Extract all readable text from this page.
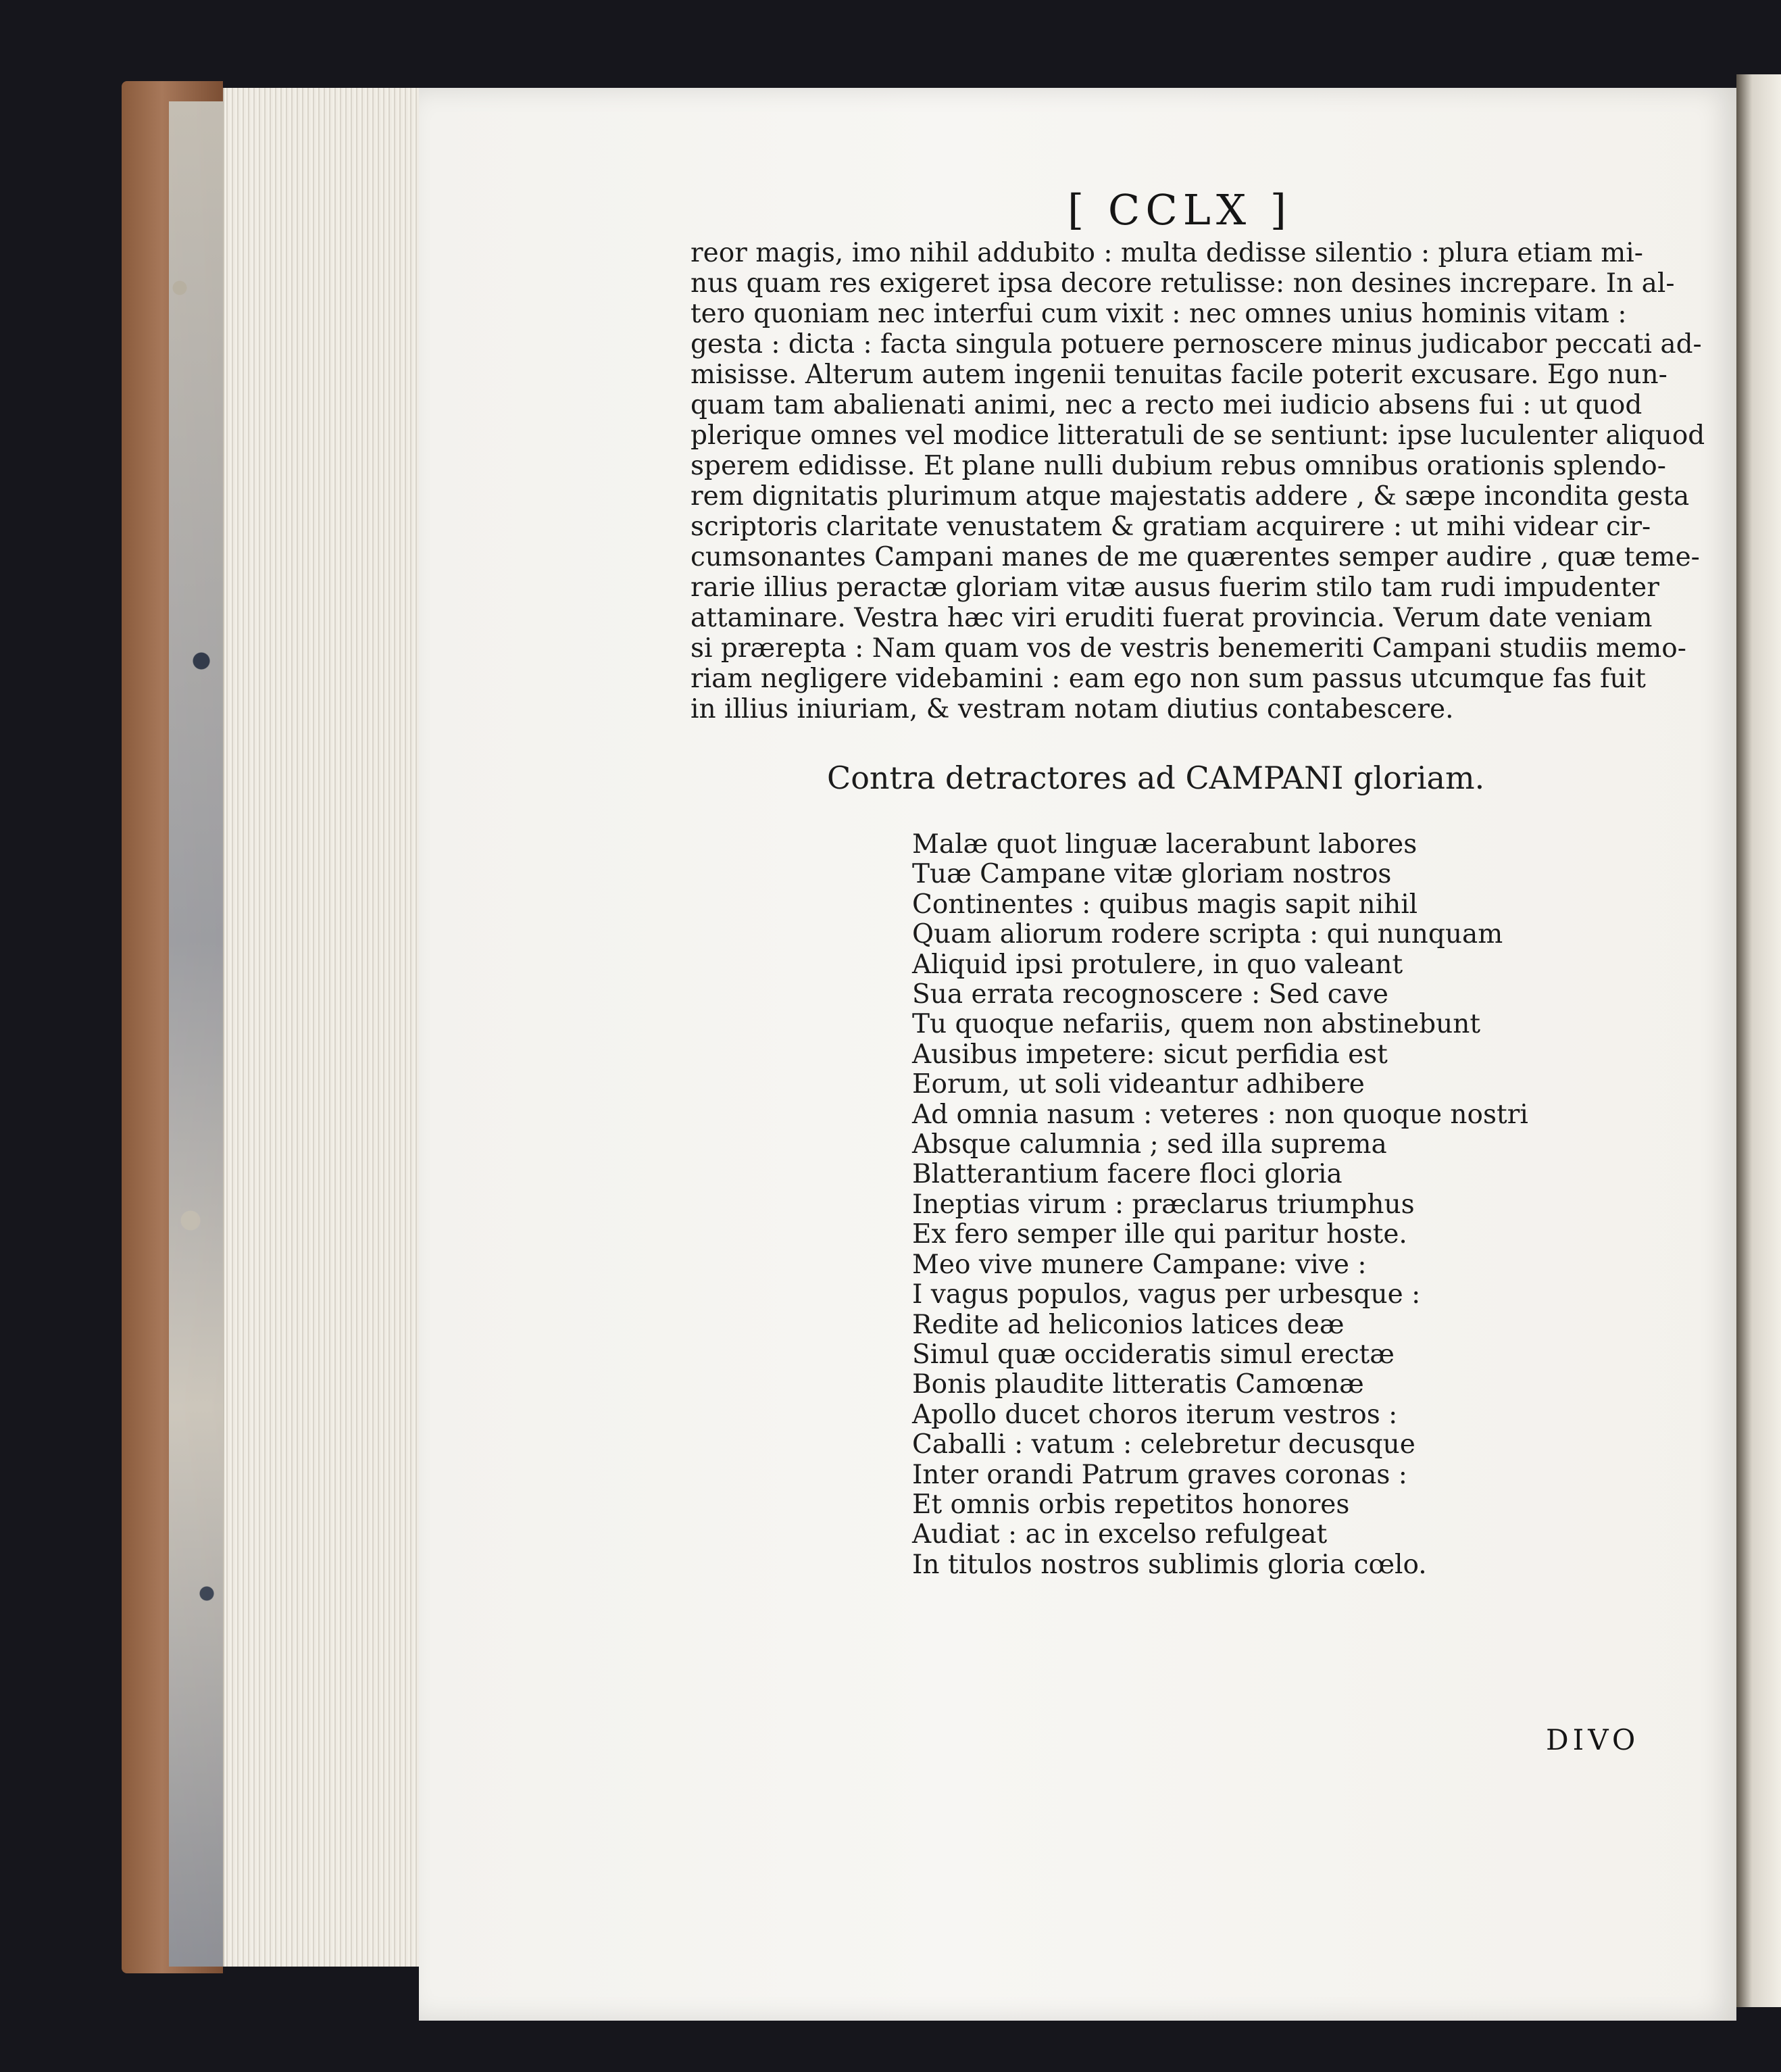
[ CCLX ]
reor magis, imo nihil addubito : multa dedisse silentio : plura etiam mi-
nus quam res exigeret ipsa decore retulisse: non desines increpare. In al-
tero quoniam nec interfui cum vixit : nec omnes unius hominis vitam :
gesta : dicta : facta singula potuere pernoscere minus judicabor peccati ad-
misisse. Alterum autem ingenii tenuitas facile poterit excusare. Ego nun-
quam tam abalienati animi, nec a recto mei iudicio absens fui : ut quod
plerique omnes vel modice litteratuli de se sentiunt: ipse luculenter aliquod
sperem edidisse. Et plane nulli dubium rebus omnibus orationis splendo-
rem dignitatis plurimum atque majestatis addere , & sæpe incondita gesta
scriptoris claritate venustatem & gratiam acquirere : ut mihi videar cir-
cumsonantes Campani manes de me quærentes semper audire , quæ teme-
rarie illius peractæ gloriam vitæ ausus fuerim stilo tam rudi impudenter
attaminare. Vestra hæc viri eruditi fuerat provincia. Verum date veniam
si prærepta : Nam quam vos de vestris benemeriti Campani studiis memo-
riam negligere videbamini : eam ego non sum passus utcumque fas fuit
in illius iniuriam, & vestram notam diutius contabescere.
Contra detractores ad CAMPANI gloriam.
Malæ quot linguæ lacerabunt labores
Tuæ Campane vitæ gloriam nostros
Continentes : quibus magis sapit nihil
Quam aliorum rodere scripta : qui nunquam
Aliquid ipsi protulere, in quo valeant
Sua errata recognoscere : Sed cave
Tu quoque nefariis, quem non abstinebunt
Ausibus impetere: sicut perfidia est
Eorum, ut soli videantur adhibere
Ad omnia nasum : veteres : non quoque nostri
Absque calumnia ; sed illa suprema
Blatterantium facere floci gloria
Ineptias virum : præclarus triumphus
Ex fero semper ille qui paritur hoste.
Meo vive munere Campane: vive :
I vagus populos, vagus per urbesque :
Redite ad heliconios latices deæ
Simul quæ occideratis simul erectæ
Bonis plaudite litteratis Camœnæ
Apollo ducet choros iterum vestros :
Caballi : vatum : celebretur decusque
Inter orandi Patrum graves coronas :
Et omnis orbis repetitos honores
Audiat : ac in excelso refulgeat
In titulos nostros sublimis gloria cœlo.
DIVO
